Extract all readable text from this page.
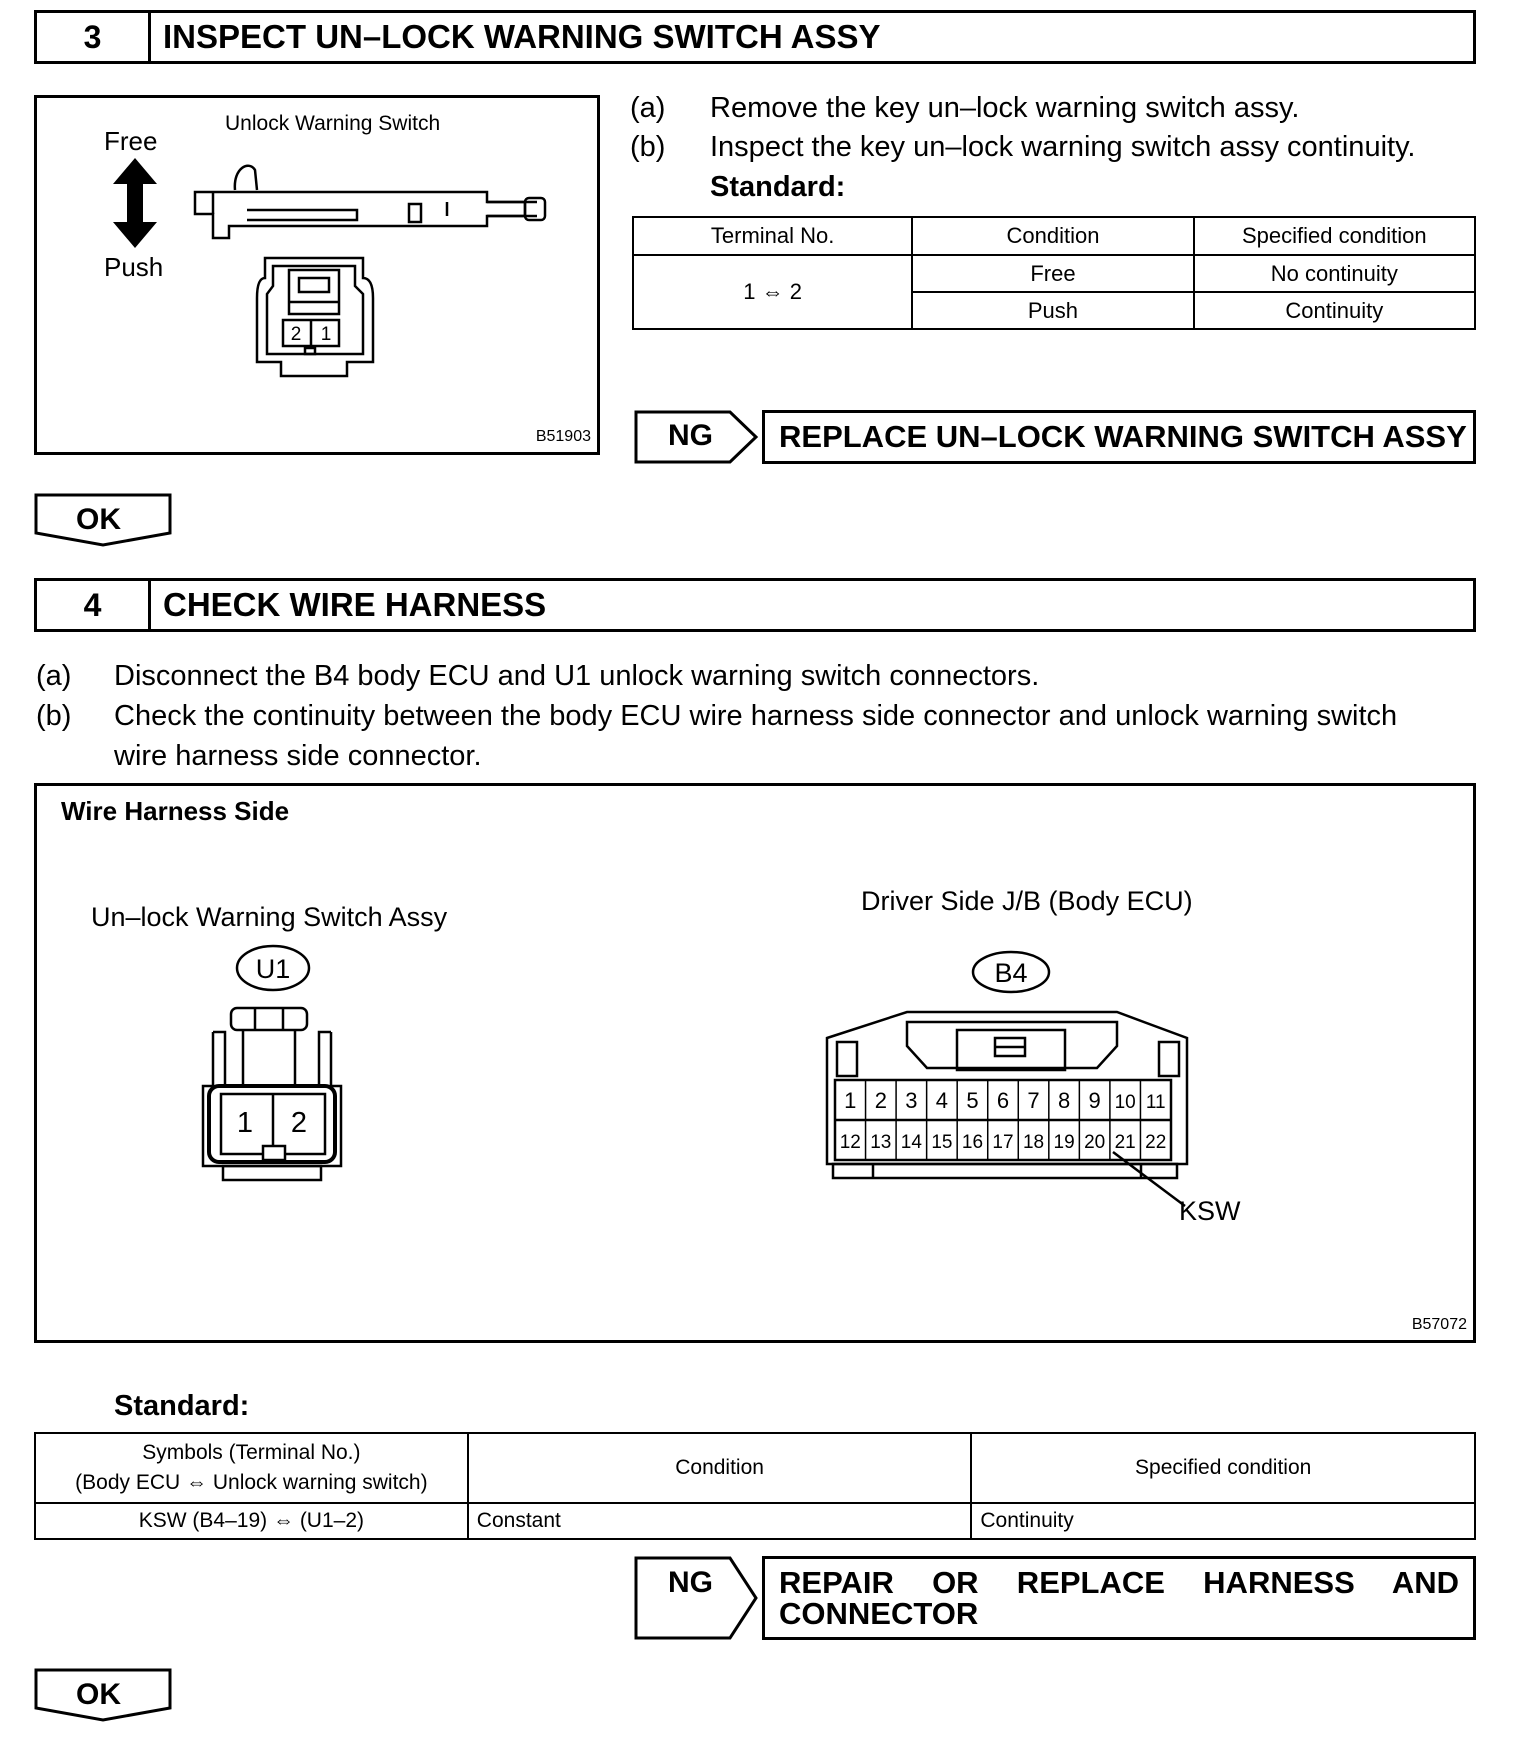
3	INSPECT UN–LOCK WARNING SWITCH ASSY
Unlock Warning Switch
Free
Push
2 1
B51903
(a) Remove the key un–lock warning switch assy.
(b) Inspect the key un–lock warning switch assy continuity.
Standard:
Terminal No.	Condition	Specified condition
1 ⇔ 2	Free	No continuity
	Push	Continuity
NG	REPLACE UN–LOCK WARNING SWITCH ASSY
OK
4	CHECK WIRE HARNESS
(a) Disconnect the B4 body ECU and U1 unlock warning switch connectors.
(b) Check the continuity between the body ECU wire harness side connector and unlock warning switch
wire harness side connector.
Wire Harness Side
Un–lock Warning Switch Assy
Driver Side J/B (Body ECU)
U1
1 2
B4
1 2 3 4 5 6 7 8 9 10 11
12 13 14 15 16 17 18 19 20 21 22
KSW
B57072
Standard:
Symbols (Terminal No.)
(Body ECU ⇔ Unlock warning switch)	Condition	Specified condition
KSW (B4–19) ⇔ (U1–2)	Constant	Continuity
NG REPAIR OR REPLACE HARNESS AND
CONNECTOR
OK
